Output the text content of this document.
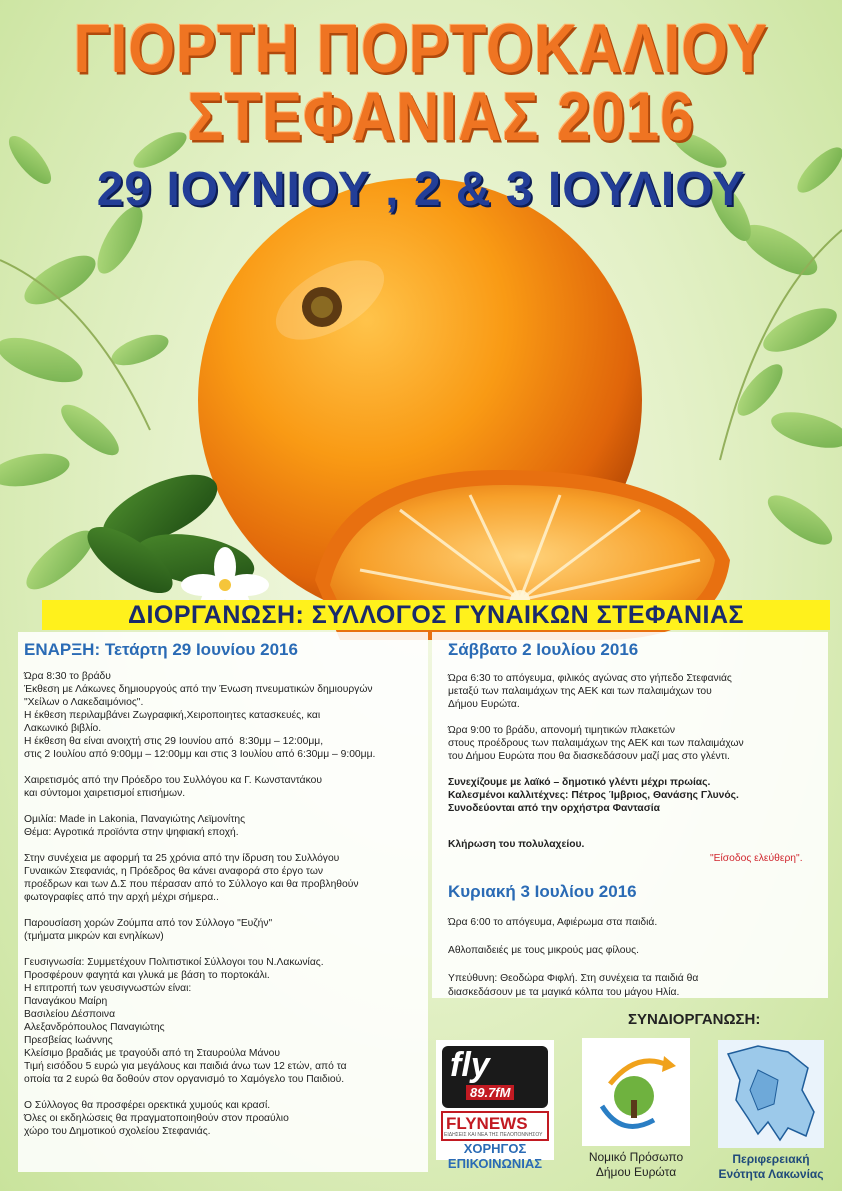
ΓΙΟΡΤΗ ΠΟΡΤΟΚΑΛΙΟΥ
ΣΤΕΦΑΝΙΑΣ 2016
29 ΙΟΥΝΙΟΥ , 2 & 3 ΙΟΥΛΙΟΥ
ΔΙΟΡΓΑΝΩΣΗ: ΣΥΛΛΟΓΟΣ ΓΥΝΑΙΚΩΝ ΣΤΕΦΑΝΙΑΣ
ΕΝΑΡΞΗ: Τετάρτη 29 Ιουνίου 2016

Ώρα 8:30 το βράδυ
Έκθεση με Λάκωνες δημιουργούς από την Ένωση πνευματικών δημιουργών
"Χείλων ο Λακεδαιμόνιος".
Η έκθεση περιλαμβάνει Ζωγραφική,Χειροποιητες κατασκευές, και
Λακωνικό βιβλίο.
Η έκθεση θα είναι ανοιχτή στις 29 Ιουνίου από  8:30μμ – 12:00μμ,
στις 2 Ιουλίου από 9:00μμ – 12:00μμ και στις 3 Ιουλίου από 6:30μμ – 9:00μμ.

Χαιρετισμός από την Πρόεδρο του Συλλόγου κα Γ. Κωνσταντάκου
και σύντομοι χαιρετισμοί επισήμων.

Ομιλία: Made in Lakonia, Παναγιώτης Λεϊμονίτης
Θέμα: Αγροτικά προϊόντα στην ψηφιακή εποχή.

Στην συνέχεια με αφορμή τα 25 χρόνια από την ίδρυση του Συλλόγου
Γυναικών Στεφανιάς, η Πρόεδρος θα κάνει αναφορά στο έργο των
προέδρων και των Δ.Σ που πέρασαν από το Σύλλογο και θα προβληθούν
φωτογραφίες από την αρχή μέχρι σήμερα..

Παρουσίαση χορών Ζούμπα από τον Σύλλογο "Ευζήν"
(τμήματα μικρών και ενηλίκων)

Γευσιγνωσία: Συμμετέχουν Πολιτιστικοί Σύλλογοι του Ν.Λακωνίας.
Προσφέρουν φαγητά και γλυκά με βάση το πορτοκάλι.
Η επιτροπή των γευσιγνωστών είναι:
Παναγάκου Μαίρη
Βασιλείου Δέσποινα
Αλεξανδρόπουλος Παναγιώτης
Πρεσβείας Ιωάννης
Κλείσιμο βραδιάς με τραγούδι από τη Σταυρούλα Μάνου
Τιμή εισόδου 5 ευρώ για μεγάλους και παιδιά άνω των 12 ετών, από τα
οποία τα 2 ευρώ θα δοθούν στον οργανισμό το Χαμόγελο του Παιδιού.

Ο Σύλλογος θα προσφέρει ορεκτικά χυμούς και κρασί.
Όλες οι εκδηλώσεις θα πραγματοποιηθούν στον προαύλιο
χώρο του Δημοτικού σχολείου Στεφανιάς.

Σάββατο 2 Ιουλίου 2016

Ώρα 6:30 το απόγευμα, φιλικός αγώνας στο γήπεδο Στεφανιάς
μεταξύ των παλαιμάχων της ΑΕΚ και των παλαιμάχων του
Δήμου Ευρώτα.

Ώρα 9:00 το βράδυ, απονομή τιμητικών πλακετών
στους προέδρους των παλαιμάχων της ΑΕΚ και των παλαιμάχων
του Δήμου Ευρώτα που θα διασκεδάσουν μαζί μας στο γλέντι.

Συνεχίζουμε με λαϊκό – δημοτικό γλέντι μέχρι πρωίας.
Καλεσμένοι καλλιτέχνες: Πέτρος Ίμβριος, Θανάσης Γλυνός.
Συνοδεύονται από την ορχήστρα Φαντασία

Κλήρωση του πολυλαχείου.

"Είσοδος ελεύθερη".

Κυριακή 3 Ιουλίου 2016

Ώρα 6:00 το απόγευμα, Αφιέρωμα στα παιδιά.

Αθλοπαιδειές με τους μικρούς μας φίλους.

Υπεύθυνη: Θεοδώρα Φιφλή. Στη συνέχεια τα παιδιά θα
διασκεδάσουν με τα μαγικά κόλπα του μάγου Ηλία.

ΣΥΝΔΙΟΡΓΑΝΩΣΗ:
fly
89.7fM
FLYNEWS
ΕΙΔΗΣΕΙΣ ΚΑΙ ΝΕΑ ΤΗΣ ΠΕΛΟΠΟΝΝΗΣΟΥ
ΧΟΡΗΓΟΣ
ΕΠΙΚΟΙΝΩΝΙΑΣ	Νομικό Πρόσωπο
Δήμου Ευρώτα
Περιφερειακή
Ενότητα Λακωνίας
